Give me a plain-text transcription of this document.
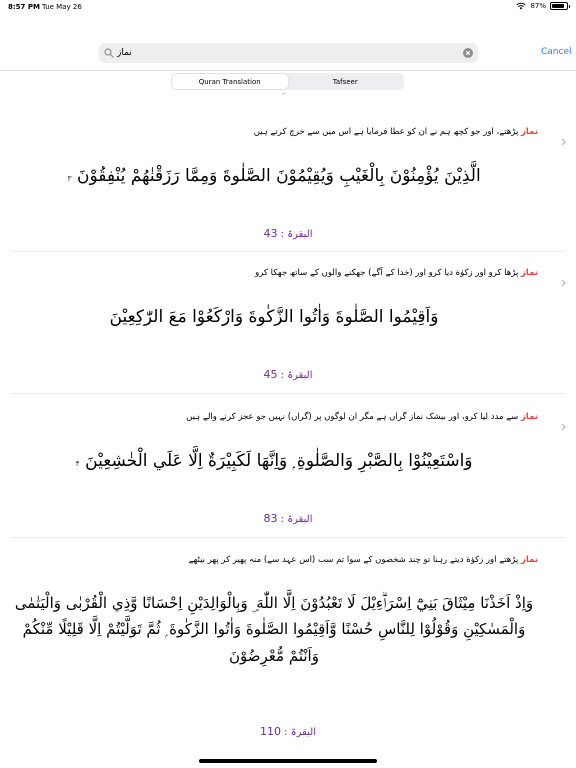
8:57 PM Tue May 26	87%
نماز
Cancel
Quran Translation	Tafseer
نماز پڑھتے، اور جو کچھ ہم نے ان کو عطا فرمایا ہے اس میں سے خرچ کرتے ہیں
الَّذِيْنَ يُؤْمِنُوْنَ بِالْغَيْبِ وَيُقِيْمُوْنَ الصَّلٰوةَ وَمِمَّا رَزَقْنٰهُمْ يُنْفِقُوْنَ ۳
البقرۃ : 43
نماز پڑھا کرو اور زکوٰة دیا کرو اور (خدا کے آگے) جھکنے والوں کے ساتھ جھکا کرو
وَاَقِيْمُوا الصَّلٰوةَ وَاٰتُوا الزَّكٰوةَ وَارْكَعُوْا مَعَ الرّٰكِعِيْنَ
البقرۃ : 45
نماز سے مدد لیا کرو، اور بیشک نماز گراں ہے مگر ان لوگوں پر (گراں) نہیں جو عجز کرنے والے ہیں
وَاسْتَعِيْنُوْا بِالصَّبْرِ وَالصَّلٰوةِ ۭ وَاِنَّهَا لَكَبِيْرَةٌ اِلَّا عَلَي الْخٰشِعِيْنَ ۴
البقرۃ : 83
نماز پڑھتے اور زکوٰة دیتے رہنا تو چند شخصوں کے سوا تم سب (اس عہد سے) منہ پھیر کر پھر بیٹھے
وَاِذْ اَخَذْنَا مِيْثَاقَ بَنِيْٓ اِسْرَاۗءِيْلَ لَا تَعْبُدُوْنَ اِلَّا اللّٰهَ ۣ وَبِالْوَالِدَيْنِ اِحْسَانًا وَّذِي الْقُرْبٰى وَالْيَتٰمٰى وَالْمَسٰكِيْنِ وَقُوْلُوْا لِلنَّاسِ حُسْنًا وَّاَقِيْمُوا الصَّلٰوةَ وَاٰتُوا الزَّكٰوةَ ۭ ثُمَّ تَوَلَّيْتُمْ اِلَّا قَلِيْلًا مِّنْكُمْ وَاَنْتُمْ مُّعْرِضُوْنَ
البقرۃ : 110
